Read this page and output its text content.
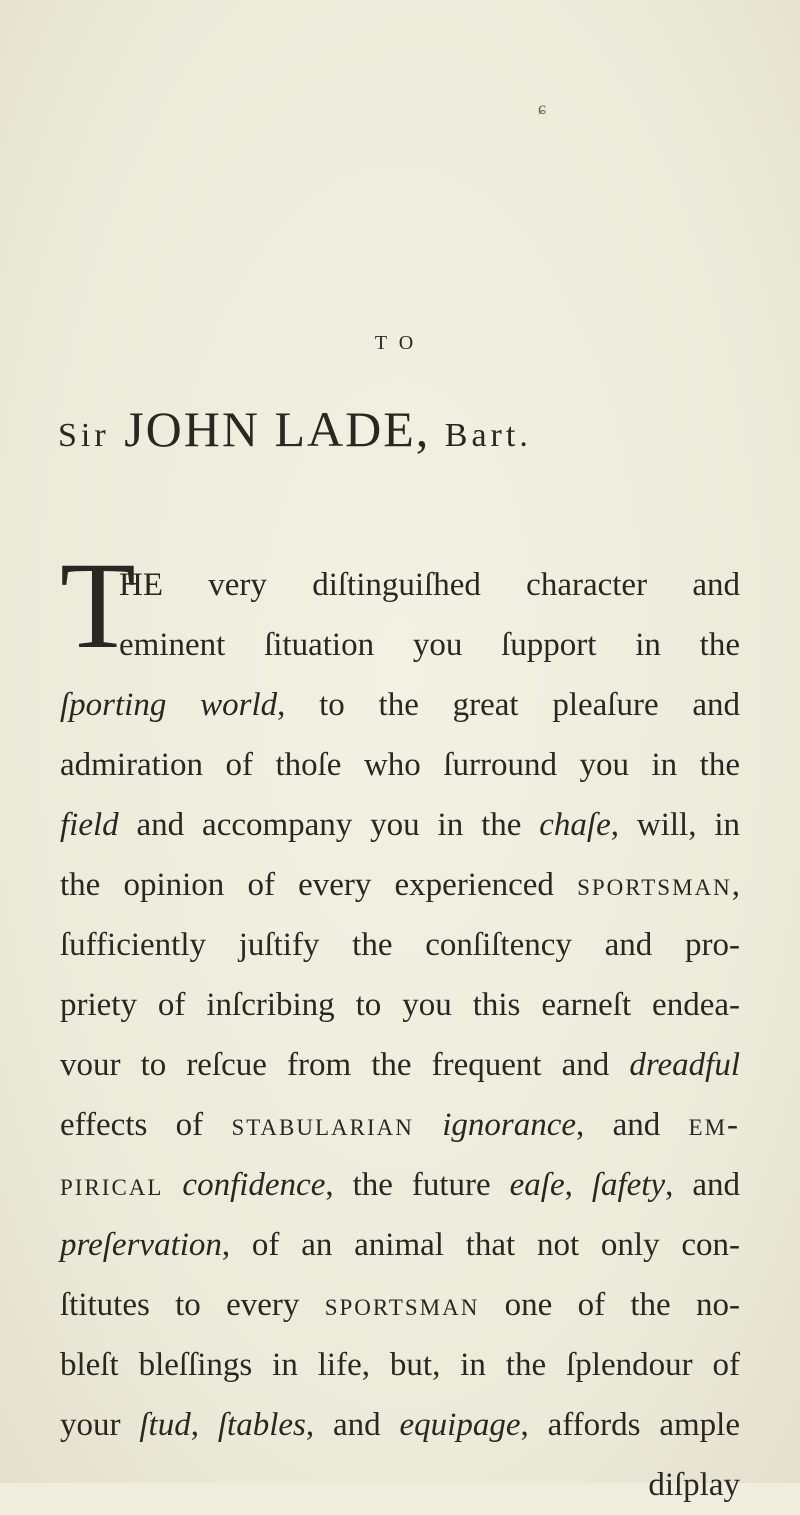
ɕ
TO
Sir JOHN LADE, Bart.
T
HE very diſtinguiſhed character and
eminent ſituation you ſupport in the
ſporting world, to the great pleaſure and
admiration of thoſe who ſurround you in the
field and accompany you in the chaſe, will, in
the opinion of every experienced sportsman,
ſufficiently juſtify the conſiſtency and pro-
priety of inſcribing to you this earneſt endea-
vour to reſcue from the frequent and dreadful
effects of stabularian ignorance, and em-
pirical confidence, the future eaſe, ſafety, and
preſervation, of an animal that not only con-
ſtitutes to every sportsman one of the no-
bleſt bleſſings in life, but, in the ſplendour of
your ſtud, ſtables, and equipage, affords ample
diſplay
